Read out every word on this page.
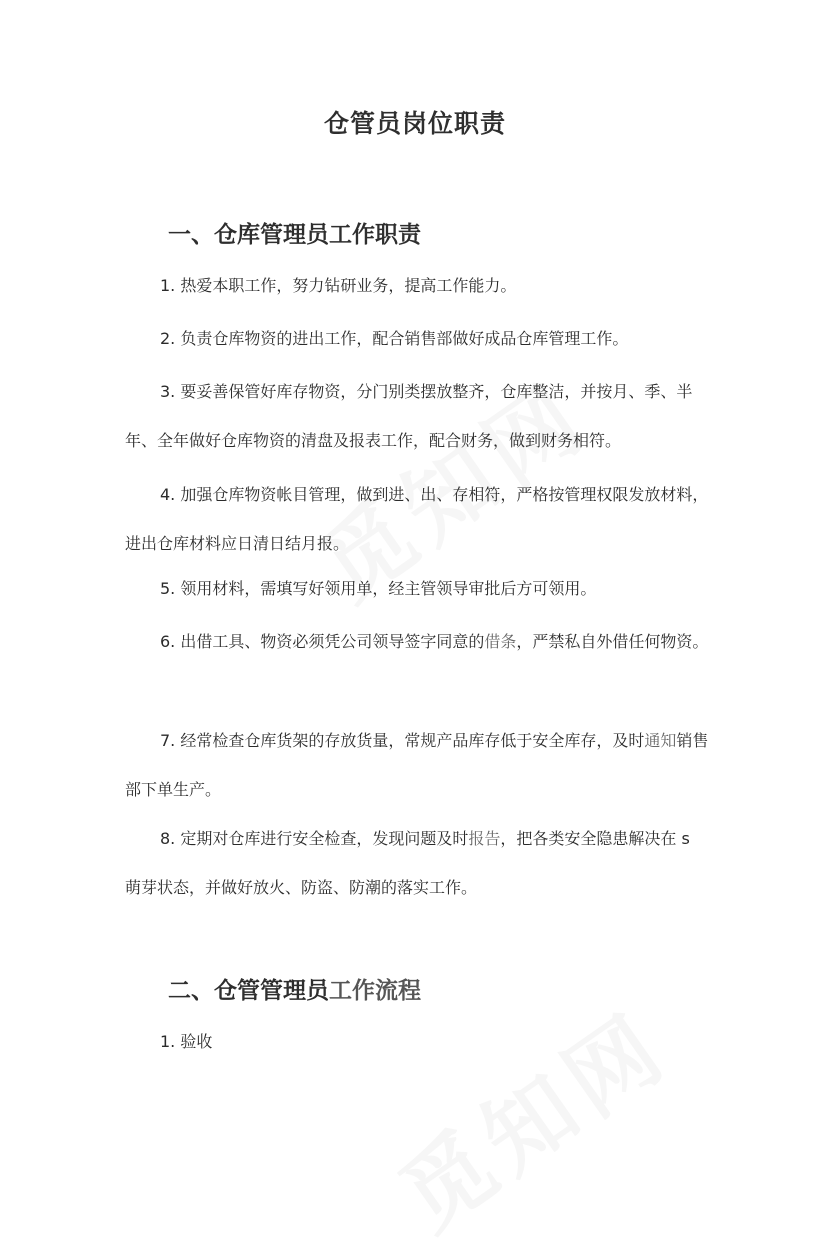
仓管员岗位职责
一、仓库管理员工作职责

1. 热爱本职工作，努力钻研业务，提高工作能力。

2. 负责仓库物资的进出工作，配合销售部做好成品仓库管理工作。

3. 要妥善保管好库存物资，分门别类摆放整齐，仓库整洁，并按月、季、半年、全年做好仓库物资的清盘及报表工作，配合财务，做到财务相符。

4. 加强仓库物资帐目管理，做到进、出、存相符，严格按管理权限发放材料，进出仓库材料应日清日结月报。

5. 领用材料，需填写好领用单，经主管领导审批后方可领用。

6. 出借工具、物资必须凭公司领导签字同意的借条，严禁私自外借任何物资。

7. 经常检查仓库货架的存放货量，常规产品库存低于安全库存，及时通知销售部下单生产。

8. 定期对仓库进行安全检查，发现问题及时报告，把各类安全隐患解决在 s 萌芽状态，并做好放火、防盗、防潮的落实工作。

二、仓管管理员工作流程

1. 验收
